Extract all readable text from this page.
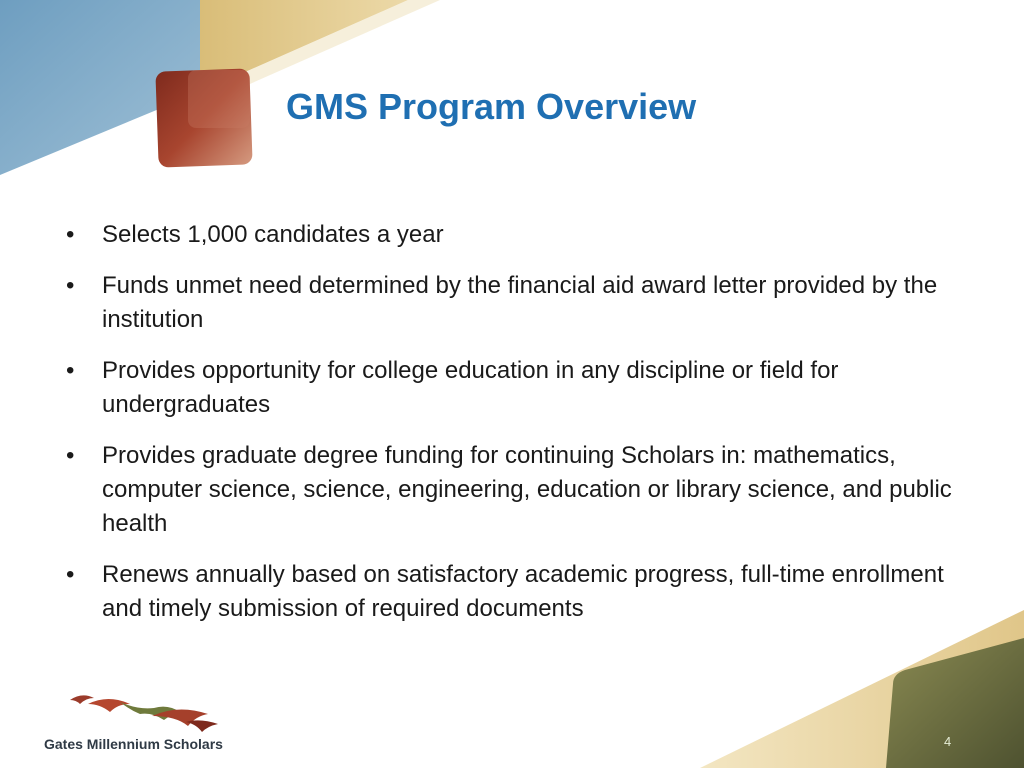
GMS Program Overview
•	Selects 1,000 candidates a year
•	Funds unmet need determined by the financial aid award letter provided by the institution
•	Provides opportunity for college education in any discipline or field for undergraduates
•	Provides graduate degree funding for continuing Scholars in: mathematics, computer science, science, engineering, education or library science, and public health
•	Renews annually based on satisfactory academic progress, full-time enrollment and timely submission of required documents
Gates Millennium Scholars	4
